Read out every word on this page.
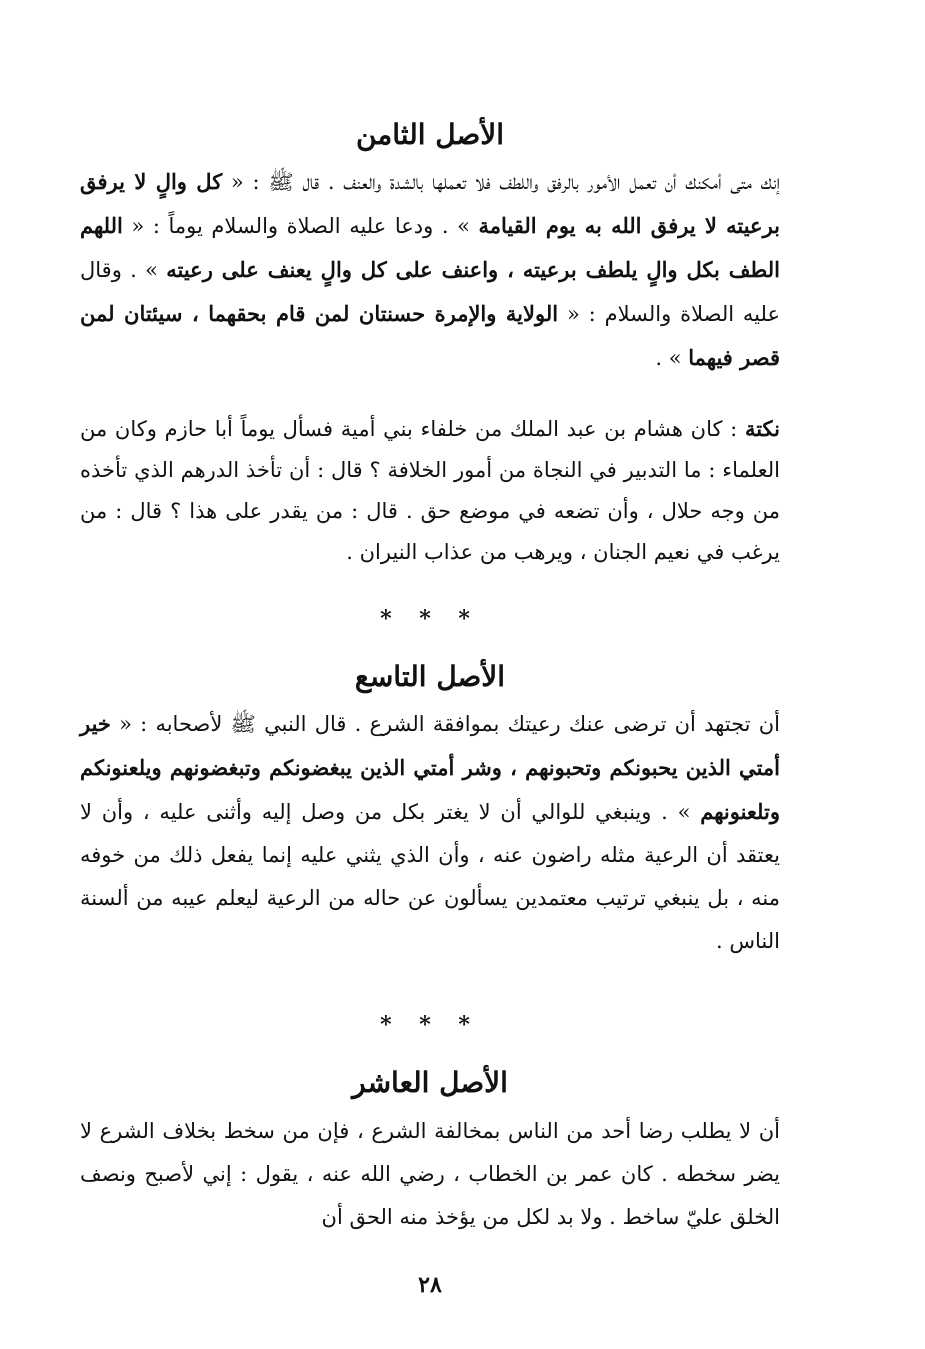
الأصل الثامن
إنك متى أمكنك أن تعمل الأمور بالرفق واللطف فلا تعملها بالشدة والعنف . قال ﷺ : « كل والٍ لا يرفق برعيته لا يرفق الله به يوم القيامة » . ودعا عليه الصلاة والسلام يوماً : « اللهم الطف بكل والٍ يلطف برعيته ، واعنف على كل والٍ يعنف على رعيته » . وقال عليه الصلاة والسلام : « الولاية والإمرة حسنتان لمن قام بحقهما ، سيئتان لمن قصر فيهما » .
نكتة : كان هشام بن عبد الملك من خلفاء بني أمية فسأل يوماً أبا حازم وكان من العلماء : ما التدبير في النجاة من أمور الخلافة ؟ قال : أن تأخذ الدرهم الذي تأخذه من وجه حلال ، وأن تضعه في موضع حق . قال : من يقدر على هذا ؟ قال : من يرغب في نعيم الجنان ، ويرهب من عذاب النيران .
* * *
الأصل التاسع
أن تجتهد أن ترضى عنك رعيتك بموافقة الشرع . قال النبي ﷺ لأصحابه : « خير أمتي الذين يحبونكم وتحبونهم ، وشر أمتي الذين يبغضونكم وتبغضونهم ويلعنونكم وتلعنونهم » . وينبغي للوالي أن لا يغتر بكل من وصل إليه وأثنى عليه ، وأن لا يعتقد أن الرعية مثله راضون عنه ، وأن الذي يثني عليه إنما يفعل ذلك من خوفه منه ، بل ينبغي ترتيب معتمدين يسألون عن حاله من الرعية ليعلم عيبه من ألسنة الناس .
* * *
الأصل العاشر
أن لا يطلب رضا أحد من الناس بمخالفة الشرع ، فإن من سخط بخلاف الشرع لا يضر سخطه . كان عمر بن الخطاب ، رضي الله عنه ، يقول : إني لأصبح ونصف الخلق عليّ ساخط . ولا بد لكل من يؤخذ منه الحق أن
٢٨
